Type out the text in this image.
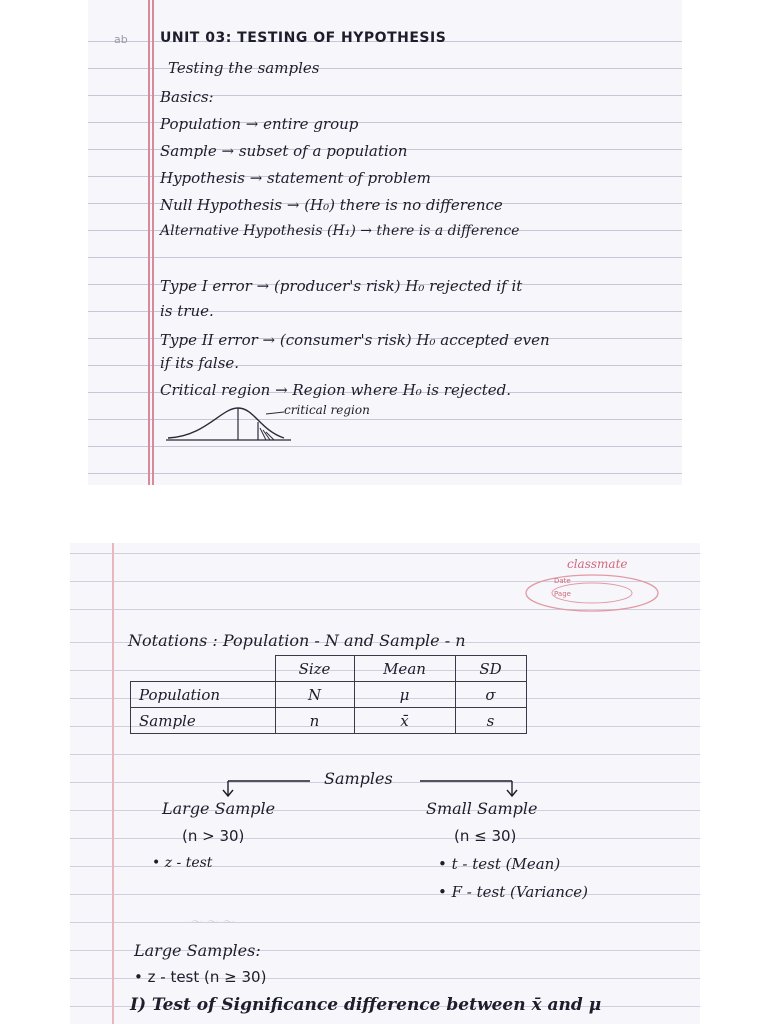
ab UNIT 03: TESTING OF HYPOTHESIS
Testing the samples
Basics:
Population → entire group
Sample → subset of a population
Hypothesis → statement of problem
Null Hypothesis → (H₀) there is no difference
Alternative Hypothesis (H₁) → there is a difference
Type I error → (producer's risk) H₀ rejected if it
is true.
Type II error → (consumer's risk) H₀ accepted even
if its false.
Critical region → Region where H₀ is rejected.
critical region
classmate
Date
Page
Notations : Population - N and Sample - n
	Size	Mean	SD
Population	N	μ	σ
Sample	n	x̄	s
Samples
Large Sample	Small Sample
(n > 30)	(n ≤ 30)
• z - test	• t - test (Mean)
• F - test (Variance)
～ ～ ～
Large Samples:
• z - test (n ≥ 30)
I) Test of Significance difference between x̄ and μ
